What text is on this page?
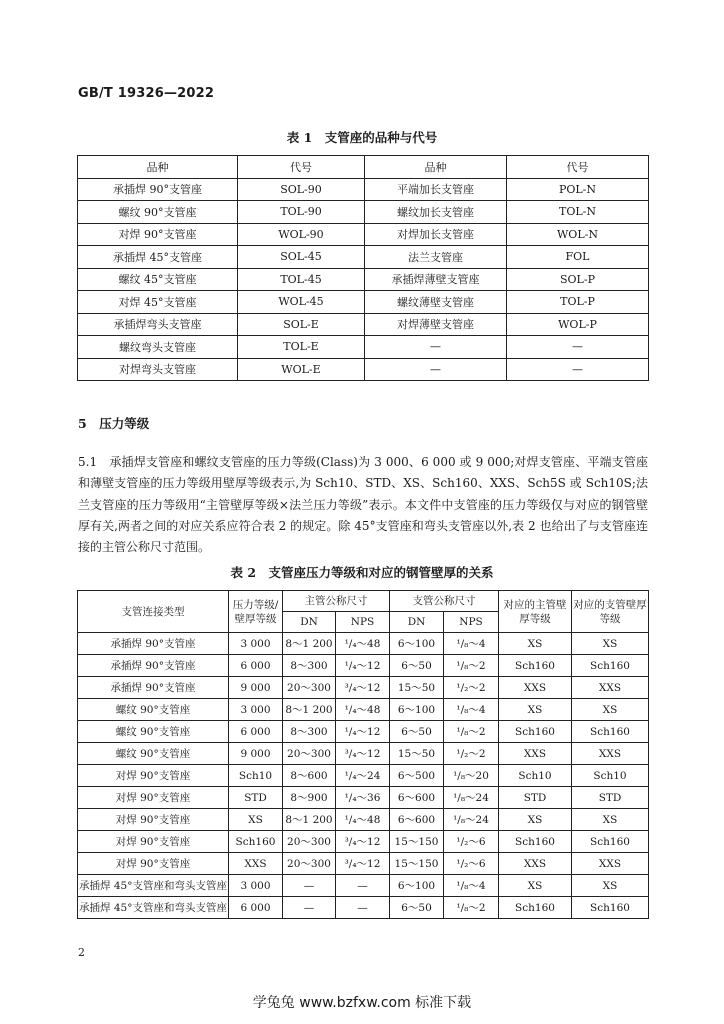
GB/T 19326—2022
表 1　支管座的品种与代号
品种	代号	品种	代号
承插焊 90°支管座	SOL-90	平端加长支管座	POL-N
螺纹 90°支管座	TOL-90	螺纹加长支管座	TOL-N
对焊 90°支管座	WOL-90	对焊加长支管座	WOL-N
承插焊 45°支管座	SOL-45	法兰支管座	FOL
螺纹 45°支管座	TOL-45	承插焊薄壁支管座	SOL-P
对焊 45°支管座	WOL-45	螺纹薄壁支管座	TOL-P
承插焊弯头支管座	SOL-E	对焊薄壁支管座	WOL-P
螺纹弯头支管座	TOL-E	—	—
对焊弯头支管座	WOL-E	—	—
5　压力等级
5.1　承插焊支管座和螺纹支管座的压力等级(Class)为 3 000、6 000 或 9 000;对焊支管座、平端支管座和薄壁支管座的压力等级用壁厚等级表示,为 Sch10、STD、XS、Sch160、XXS、Sch5S 或 Sch10S;法兰支管座的压力等级用“主管壁厚等级×法兰压力等级”表示。本文件中支管座的压力等级仅与对应的钢管壁厚有关,两者之间的对应关系应符合表 2 的规定。除 45°支管座和弯头支管座以外,表 2 也给出了与支管座连接的主管公称尺寸范围。
表 2　支管座压力等级和对应的钢管壁厚的关系
支管连接类型	压力等级/壁厚等级	主管公称尺寸		支管公称尺寸		对应的主管壁厚等级	对应的支管壁厚等级
		DN	NPS	DN	NPS		
承插焊 90°支管座	3 000	8～1 200	¹/₄～48	6～100	¹/₈～4	XS	XS
承插焊 90°支管座	6 000	8～300	¹/₄～12	6～50	¹/₈～2	Sch160	Sch160
承插焊 90°支管座	9 000	20～300	³/₄～12	15～50	¹/₂～2	XXS	XXS
螺纹 90°支管座	3 000	8～1 200	¹/₄～48	6～100	¹/₈～4	XS	XS
螺纹 90°支管座	6 000	8～300	¹/₄～12	6～50	¹/₈～2	Sch160	Sch160
螺纹 90°支管座	9 000	20～300	³/₄～12	15～50	¹/₂～2	XXS	XXS
对焊 90°支管座	Sch10	8～600	¹/₄～24	6～500	¹/₈～20	Sch10	Sch10
对焊 90°支管座	STD	8～900	¹/₄～36	6～600	¹/₈～24	STD	STD
对焊 90°支管座	XS	8～1 200	¹/₄～48	6～600	¹/₈～24	XS	XS
对焊 90°支管座	Sch160	20～300	³/₄～12	15～150	¹/₂～6	Sch160	Sch160
对焊 90°支管座	XXS	20～300	³/₄～12	15～150	¹/₂～6	XXS	XXS
承插焊 45°支管座和弯头支管座	3 000	—	—	6～100	¹/₈～4	XS	XS
承插焊 45°支管座和弯头支管座	6 000	—	—	6～50	¹/₈～2	Sch160	Sch160
2
学兔兔 www.bzfxw.com 标准下载
